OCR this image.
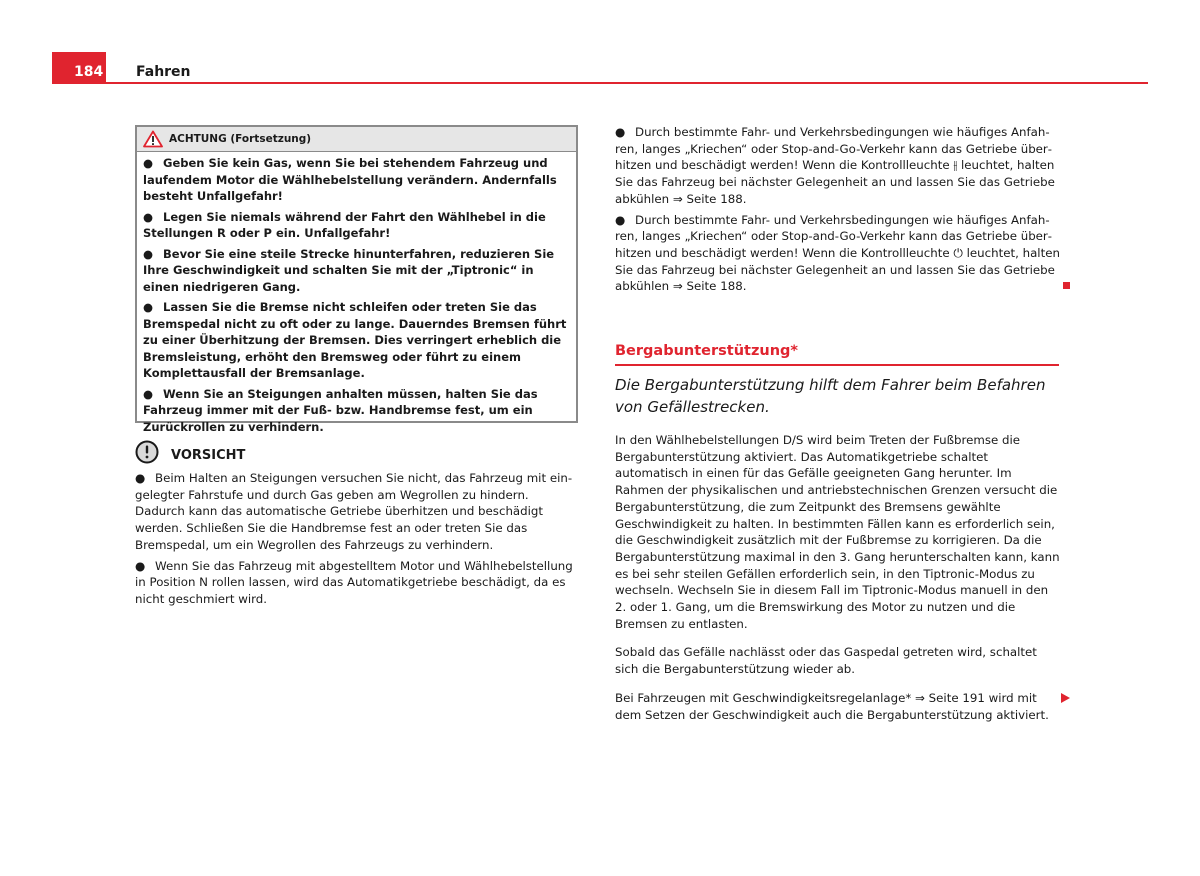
184 Fahren
ACHTUNG (Fortsetzung)
● Geben Sie kein Gas, wenn Sie bei stehendem Fahrzeug und laufendem Motor die Wählhebelstellung verändern. Andernfalls besteht Unfallgefahr!
● Legen Sie niemals während der Fahrt den Wählhebel in die Stellungen R oder P ein. Unfallgefahr!
● Bevor Sie eine steile Strecke hinunterfahren, reduzieren Sie Ihre Geschwindigkeit und schalten Sie mit der „Tiptronic“ in einen niedrigeren Gang.
● Lassen Sie die Bremse nicht schleifen oder treten Sie das Bremspedal nicht zu oft oder zu lange. Dauerndes Bremsen führt zu einer Überhitzung der Bremsen. Dies verringert erheblich die Bremsleistung, erhöht den Bremsweg oder führt zu einem Komplettausfall der Bremsanlage.
● Wenn Sie an Steigungen anhalten müssen, halten Sie das Fahrzeug immer mit der Fuß- bzw. Handbremse fest, um ein Zurückrollen zu verhindern.
VORSICHT
● Beim Halten an Steigungen versuchen Sie nicht, das Fahrzeug mit eingelegter Fahrstufe und durch Gas geben am Wegrollen zu hindern. Dadurch kann das automatische Getriebe überhitzen und beschädigt werden. Schließen Sie die Handbremse fest an oder treten Sie das Bremspedal, um ein Wegrollen des Fahrzeugs zu verhindern.
● Wenn Sie das Fahrzeug mit abgestelltem Motor und Wählhebelstellung in Position N rollen lassen, wird das Automatikgetriebe beschädigt, da es nicht geschmiert wird.
● Durch bestimmte Fahr- und Verkehrsbedingungen wie häufiges Anfahren, langes „Kriechen“ oder Stop-and-Go-Verkehr kann das Getriebe überhitzen und beschädigt werden! Wenn die Kontrollleuchte ⫲ leuchtet, halten Sie das Fahrzeug bei nächster Gelegenheit an und lassen Sie das Getriebe abkühlen ⇒ Seite 188.
● Durch bestimmte Fahr- und Verkehrsbedingungen wie häufiges Anfahren, langes „Kriechen“ oder Stop-and-Go-Verkehr kann das Getriebe überhitzen und beschädigt werden! Wenn die Kontrollleuchte ⏻ leuchtet, halten Sie das Fahrzeug bei nächster Gelegenheit an und lassen Sie das Getriebe abkühlen ⇒ Seite 188.
Bergabunterstützung*
Die Bergabunterstützung hilft dem Fahrer beim Befahren von Gefällestrecken.
In den Wählhebelstellungen D/S wird beim Treten der Fußbremse die Bergabunterstützung aktiviert. Das Automatikgetriebe schaltet automatisch in einen für das Gefälle geeigneten Gang herunter. Im Rahmen der physikalischen und antriebstechnischen Grenzen versucht die Bergabunterstützung, die zum Zeitpunkt des Bremsens gewählte Geschwindigkeit zu halten. In bestimmten Fällen kann es erforderlich sein, die Geschwindigkeit zusätzlich mit der Fußbremse zu korrigieren. Da die Bergabunterstützung maximal in den 3. Gang herunterschalten kann, kann es bei sehr steilen Gefällen erforderlich sein, in den Tiptronic-Modus zu wechseln. Wechseln Sie in diesem Fall im Tiptronic-Modus manuell in den 2. oder 1. Gang, um die Bremswirkung des Motor zu nutzen und die Bremsen zu entlasten.
Sobald das Gefälle nachlässt oder das Gaspedal getreten wird, schaltet sich die Bergabunterstützung wieder ab.
Bei Fahrzeugen mit Geschwindigkeitsregelanlage* ⇒ Seite 191 wird mit dem Setzen der Geschwindigkeit auch die Bergabunterstützung aktiviert.
